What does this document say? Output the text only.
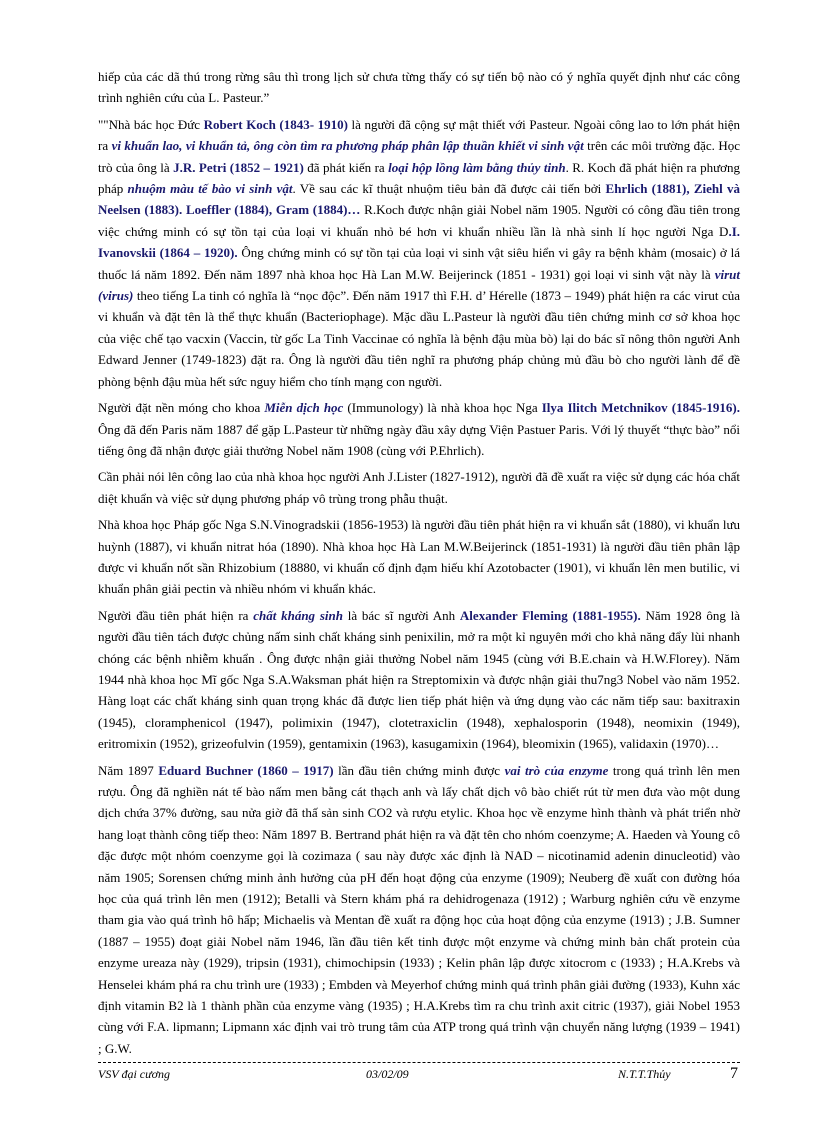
hiếp của các dã thú trong rừng sâu thì trong lịch sử chưa từng thấy có sự tiến bộ nào có ý nghĩa quyết định như các công trình nghiên cứu của L. Pasteur.”

""Nhà bác học Đức Robert Koch (1843- 1910) là người đã cộng sự mật thiết với Pasteur. Ngoài công lao to lớn phát hiện ra vi khuẩn lao, vi khuẩn tả, ông còn tìm ra phương pháp phân lập thuần khiết vi sinh vật trên các môi trường đặc. Học trò của ông là J.R. Petri (1852 – 1921) đã phát kiến ra loại hộp lồng làm bằng thủy tinh. R. Koch đã phát hiện ra phương pháp nhuộm màu tế bào vi sinh vật. Về sau các kĩ thuật nhuộm tiêu bản đã được cải tiến bởi Ehrlich (1881), Ziehl và Neelsen (1883). Loeffler (1884), Gram (1884)… R.Koch được nhận giải Nobel năm 1905. Người có công đầu tiên trong việc chứng minh có sự tồn tại của loại vi khuẩn nhỏ bé hơn vi khuẩn nhiều lần là nhà sinh lí học người Nga D.I. Ivanovskii (1864 – 1920). Ông chứng minh có sự tồn tại của loại vi sinh vật siêu hiển vi gây ra bệnh khảm (mosaic) ở lá thuốc lá năm 1892. Đến năm 1897 nhà khoa học Hà Lan M.W. Beijerinck (1851 - 1931) gọi loại vi sinh vật này là virut (virus) theo tiếng La tinh có nghĩa là “nọc độc”. Đến năm 1917 thì F.H. d’ Hérelle (1873 – 1949) phát hiện ra các virut của vi khuẩn và đặt tên là thể thực khuẩn (Bacteriophage). Mặc dầu L.Pasteur là người đầu tiên chứng minh cơ sở khoa học của việc chế tạo vacxin (Vaccin, từ gốc La Tinh Vaccinae có nghĩa là bệnh đậu mùa bò) lại do bác sĩ nông thôn người Anh Edward Jenner (1749-1823) đặt ra. Ông là người đầu tiên nghĩ ra phương pháp chủng mủ đầu bò cho người lành để đề phòng bệnh đậu mùa hết sức nguy hiểm cho tính mạng con người.

Người đặt nền móng cho khoa Miễn dịch học (Immunology) là nhà khoa học Nga Ilya Ilitch Metchnikov (1845-1916). Ông đã đến Paris năm 1887 để gặp L.Pasteur từ những ngày đầu xây dựng Viện Pastuer Paris. Với lý thuyết “thực bào” nổi tiếng ông đã nhận được giải thưởng Nobel năm 1908 (cùng với P.Ehrlich).

Cần phải nói lên công lao của nhà khoa học người Anh J.Lister (1827-1912), người đã đề xuất ra việc sử dụng các hóa chất diệt khuẩn và việc sử dụng phương pháp vô trùng trong phẫu thuật.

Nhà khoa học Pháp gốc Nga S.N.Vinogradskii (1856-1953) là người đầu tiên phát hiện ra vi khuẩn sắt (1880), vi khuẩn lưu huỳnh (1887), vi khuẩn nitrat hóa (1890). Nhà khoa học Hà Lan M.W.Beijerinck (1851-1931) là người đầu tiên phân lập được vi khuẩn nốt sần Rhizobium (18880, vi khuẩn cố định đạm hiếu khí Azotobacter (1901), vi khuẩn lên men butilic, vi khuẩn phân giải pectin và nhiều nhóm vi khuẩn khác.

Người đầu tiên phát hiện ra chất kháng sinh là bác sĩ người Anh Alexander Fleming (1881-1955). Năm 1928 ông là người đầu tiên tách được chủng nấm sinh chất kháng sinh penixilin, mở ra một kỉ nguyên mới cho khả năng đẩy lùi nhanh chóng các bệnh nhiễm khuẩn . Ông được nhận giải thưởng Nobel năm 1945 (cùng với B.E.chain và H.W.Florey). Năm 1944 nhà khoa học Mĩ gốc Nga S.A.Waksman phát hiện ra Streptomixin và được nhận giải thu7ng3 Nobel vào năm 1952. Hàng loạt các chất kháng sinh quan trọng khác đã được lien tiếp phát hiện và ứng dụng vào các năm tiếp sau: baxitraxin (1945), cloramphenicol (1947), polimixin (1947), clotetraxiclin (1948), xephalosporin (1948), neomixin (1949), eritromixin (1952), grizeofulvin (1959), gentamixin (1963), kasugamixin (1964), bleomixin (1965), validaxin (1970)…

Năm 1897 Eduard Buchner (1860 – 1917) lần đầu tiên chứng minh được vai trò của enzyme trong quá trình lên men rượu. Ông đã nghiền nát tế bào nấm men bằng cát thạch anh và lấy chất dịch vô bào chiết rút từ men đưa vào một dung dịch chứa 37% đường, sau nửa giờ đã thấ sản sinh CO2 và rượu etylic. Khoa học về enzyme hình thành và phát triển nhờ hang loạt thành công tiếp theo: Năm 1897 B. Bertrand phát hiện ra và đặt tên cho nhóm coenzyme; A. Haeden và Young cô đặc được một nhóm coenzyme gọi là cozimaza ( sau này được xác định là NAD – nicotinamid adenin dinucleotid) vào năm 1905; Sorensen chứng minh ảnh hưởng của pH đến hoạt động của enzyme (1909); Neuberg đề xuất con đường hóa học của quá trình lên men (1912); Betalli và Stern khám phá ra dehidrogenaza (1912) ; Warburg nghiên cứu về enzyme tham gia vào quá trình hô hấp; Michaelis và Mentan đề xuất ra động học của hoạt động của enzyme (1913) ; J.B. Sumner (1887 – 1955) đoạt giải Nobel năm 1946, lần đầu tiên kết tinh được một enzyme và chứng minh bản chất protein của enzyme ureaza này (1929), tripsin (1931), chimochipsin (1933) ; Kelin phân lập được xitocrom c (1933) ; H.A.Krebs và Henselei khám phá ra chu trình ure (1933) ; Embden và Meyerhof chứng minh quá trình phân giải đường (1933), Kuhn xác định vitamin B2 là 1 thành phần của enzyme vàng (1935) ; H.A.Krebs tìm ra chu trình axit citric (1937), giải Nobel 1953 cùng với F.A. lipmann; Lipmann xác định vai trò trung tâm của ATP trong quá trình vận chuyển năng lượng (1939 – 1941) ; G.W.

VSV đại cương	03/02/09	N.T.T.Thủy	7
